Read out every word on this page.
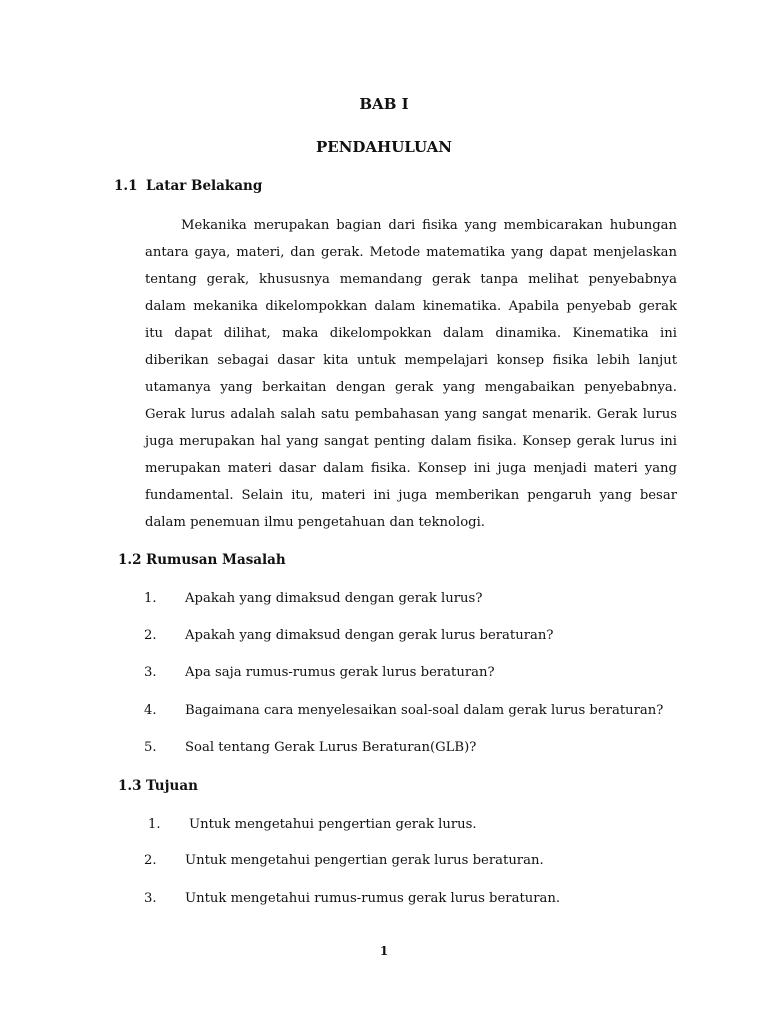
BAB I
PENDAHULUAN
1.1 Latar Belakang
Mekanika merupakan bagian dari fisika yang membicarakan hubungan antara gaya, materi, dan gerak. Metode matematika yang dapat menjelaskan tentang gerak, khususnya memandang gerak tanpa melihat penyebabnya dalam mekanika dikelompokkan dalam kinematika. Apabila penyebab gerak itu dapat dilihat, maka dikelompokkan dalam dinamika. Kinematika ini diberikan sebagai dasar kita untuk mempelajari konsep fisika lebih lanjut utamanya yang berkaitan dengan gerak yang mengabaikan penyebabnya. Gerak lurus adalah salah satu pembahasan yang sangat menarik. Gerak lurus juga merupakan hal yang sangat penting dalam fisika. Konsep gerak lurus ini merupakan materi dasar dalam fisika. Konsep ini juga menjadi materi yang fundamental. Selain itu, materi ini juga memberikan pengaruh yang besar dalam penemuan ilmu pengetahuan dan teknologi.
1.2 Rumusan Masalah
1. Apakah yang dimaksud dengan gerak lurus?
2. Apakah yang dimaksud dengan gerak lurus beraturan?
3. Apa saja rumus-rumus gerak lurus beraturan?
4. Bagaimana cara menyelesaikan soal-soal dalam gerak lurus beraturan?
5. Soal tentang Gerak Lurus Beraturan(GLB)?
1.3 Tujuan
1. Untuk mengetahui pengertian gerak lurus.
2. Untuk mengetahui pengertian gerak lurus beraturan.
3. Untuk mengetahui rumus-rumus gerak lurus beraturan.
1
